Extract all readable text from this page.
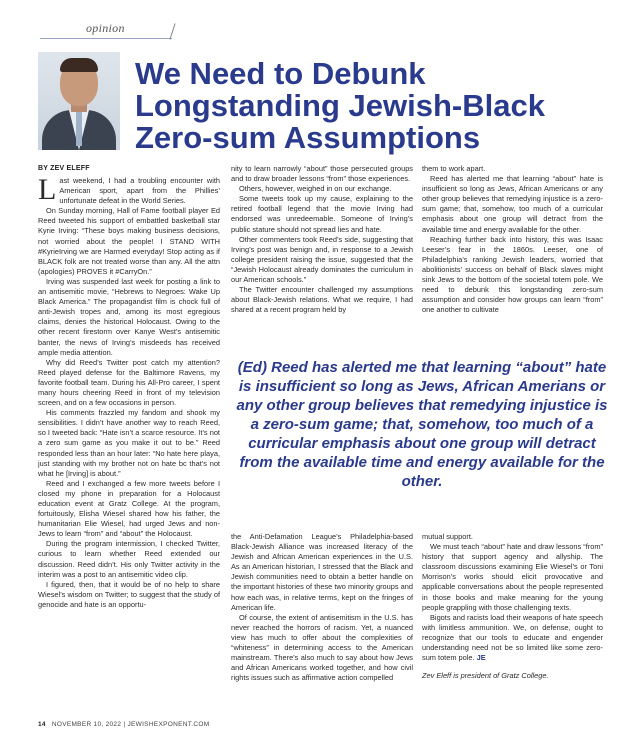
opinion
We Need to Debunk
Longstanding Jewish-Black
Zero-sum Assumptions
BY ZEV ELEFF

Last weekend, I had a troubling encounter with American sport, apart from the Phillies’ unfortunate defeat in the World Series.

On Sunday morning, Hall of Fame football player Ed Reed tweeted his support of embattled basketball star Kyrie Irving: “These boys making business decisions, not worried about the people! I STAND WITH #KyrieIrving we are Harmed everyday! Stop acting as if BLACK folk are not treated worse than any. All the attn (apologies) PROVES it #CarryOn.”

Irving was suspended last week for posting a link to an antisemitic movie, “Hebrews to Negroes: Wake Up Black America.” The propagandist film is chock full of anti-Jewish tropes and, among its most egregious claims, denies the historical Holocaust. Owing to the other recent firestorm over Kanye West’s antisemitic banter, the news of Irving’s misdeeds has received ample media attention.

Why did Reed’s Twitter post catch my attention? Reed played defense for the Baltimore Ravens, my favorite football team. During his All-Pro career, I spent many hours cheering Reed in front of my television screen, and on a few occasions in person.

His comments frazzled my fandom and shook my sensibilities. I didn’t have another way to reach Reed, so I tweeted back: “Hate isn’t a scarce resource. It’s not a zero sum game as you make it out to be.” Reed responded less than an hour later: “No hate here playa, just standing with my brother not on hate bc that’s not what he [Irving] is about.”

Reed and I exchanged a few more tweets before I closed my phone in preparation for a Holocaust education event at Gratz College. At the program, fortuitously, Elisha Wiesel shared how his father, the humanitarian Elie Wiesel, had urged Jews and non-Jews to learn “from” and “about” the Holocaust.

During the program intermission, I checked Twitter, curious to learn whether Reed extended our discussion. Reed didn’t. His only Twitter activity in the interim was a post to an antisemitic video clip.

I figured, then, that it would be of no help to share Wiesel’s wisdom on Twitter; to suggest that the study of genocide and hate is an opportu-

nity to learn narrowly “about” those persecuted groups and to draw broader lessons “from” those experiences.

Others, however, weighed in on our exchange.

Some tweets took up my cause, explaining to the retired football legend that the movie Irving had endorsed was unredeemable. Someone of Irving’s public stature should not spread lies and hate.

Other commenters took Reed’s side, suggesting that Irving’s post was benign and, in response to a Jewish college president raising the issue, suggested that the “Jewish Holocaust already dominates the curriculum in our American schools.”

The Twitter encounter challenged my assumptions about Black-Jewish relations. What we require, I had shared at a recent program held by

them to work apart.

Reed has alerted me that learning “about” hate is insufficient so long as Jews, African Americans or any other group believes that remedying injustice is a zero-sum game; that, somehow, too much of a curricular emphasis about one group will detract from the available time and energy available for the other.

Reaching further back into history, this was Isaac Leeser’s fear in the 1860s. Leeser, one of Philadelphia’s ranking Jewish leaders, worried that abolitionists’ success on behalf of Black slaves might sink Jews to the bottom of the societal totem pole. We need to debunk this longstanding zero-sum assumption and consider how groups can learn “from” one another to cultivate

(Ed) Reed has alerted me that learning “about” hate is insufficient so long as Jews, African Amerians or any other group believes that remedying injustice is a zero-sum game; that, somehow, too much of a curricular emphasis about one group will detract from the available time and energy available for the other.

the Anti-Defamation League’s Philadelphia-based Black-Jewish Alliance was increased literacy of the Jewish and African American experiences in the U.S. As an American historian, I stressed that the Black and Jewish communities need to obtain a better handle on the important histories of these two minority groups and how each was, in relative terms, kept on the fringes of American life.

Of course, the extent of antisemitism in the U.S. has never reached the horrors of racism. Yet, a nuanced view has much to offer about the complexities of “whiteness” in determining access to the American mainstream. There’s also much to say about how Jews and African Americans worked together, and how civil rights issues such as affirmative action compelled

mutual support.

We must teach “about” hate and draw lessons “from” history that support agency and allyship. The classroom discussions examining Elie Wiesel’s or Toni Morrison’s works should elicit provocative and applicable conversations about the people represented in those books and make meaning for the young people grappling with those challenging texts.

Bigots and racists load their weapons of hate speech with limitless ammunition. We, on defense, ought to recognize that our tools to educate and engender understanding need not be so limited like some zero-sum totem pole. JE

Zev Eleff is president of Gratz College.

14 NOVEMBER 10, 2022 | JEWISHEXPONENT.COM
